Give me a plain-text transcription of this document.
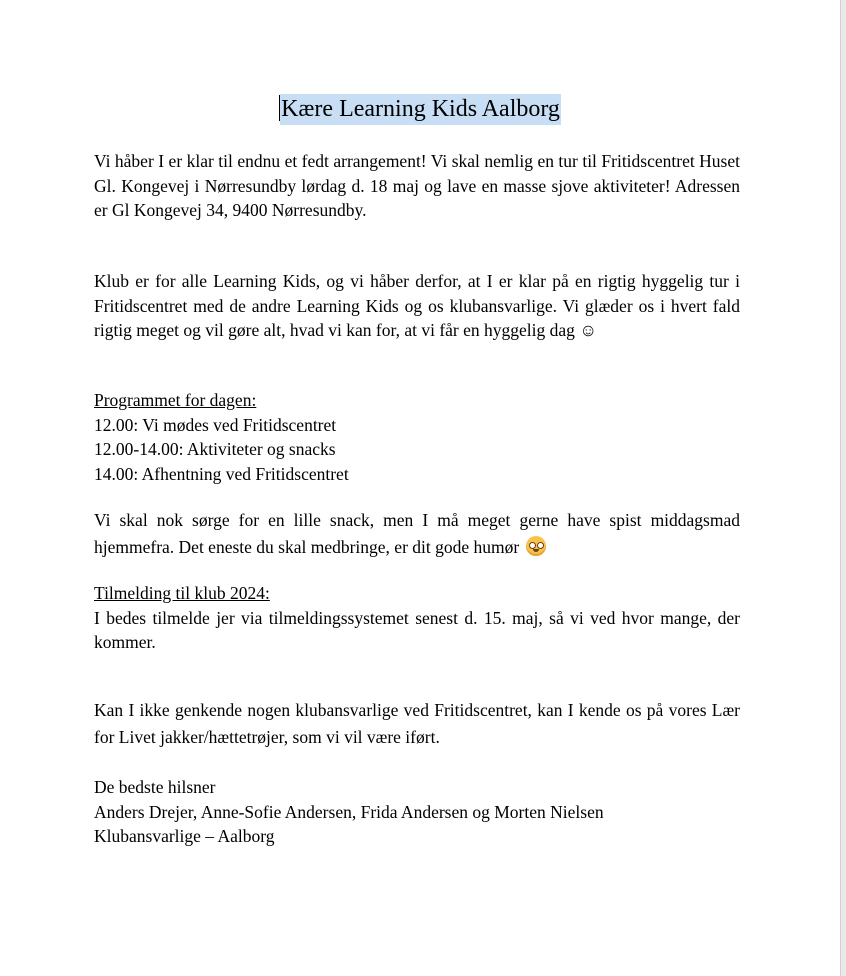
Kære Learning Kids Aalborg
Vi håber I er klar til endnu et fedt arrangement! Vi skal nemlig en tur til Fritidscentret Huset Gl. Kongevej i Nørresundby lørdag d. 18 maj og lave en masse sjove aktiviteter! Adressen er Gl Kongevej 34, 9400 Nørresundby.
Klub er for alle Learning Kids, og vi håber derfor, at I er klar på en rigtig hyggelig tur i Fritidscentret med de andre Learning Kids og os klubansvarlige. Vi glæder os i hvert fald rigtig meget og vil gøre alt, hvad vi kan for, at vi får en hyggelig dag ☺
Programmet for dagen:
12.00: Vi mødes ved Fritidscentret
12.00-14.00: Aktiviteter og snacks
14.00: Afhentning ved Fritidscentret
Vi skal nok sørge for en lille snack, men I må meget gerne have spist middagsmad hjemmefra. Det eneste du skal medbringe, er dit gode humør
Tilmelding til klub 2024:
I bedes tilmelde jer via tilmeldingssystemet senest d. 15. maj, så vi ved hvor mange, der kommer.
Kan I ikke genkende nogen klubansvarlige ved Fritidscentret, kan I kende os på vores Lær for Livet jakker/hættetrøjer, som vi vil være iført.
De bedste hilsner
Anders Drejer, Anne-Sofie Andersen, Frida Andersen og Morten Nielsen
Klubansvarlige – Aalborg
